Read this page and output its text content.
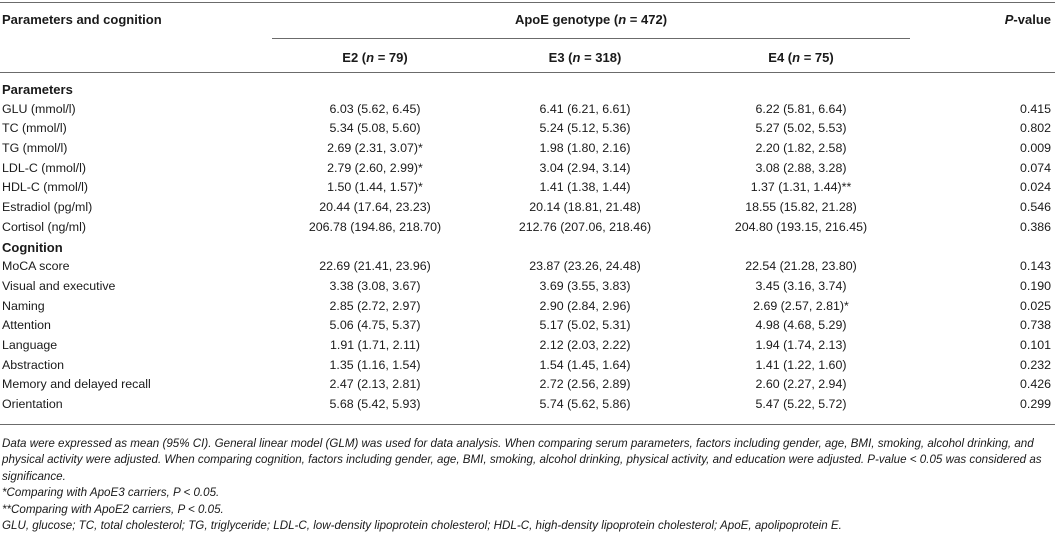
Parameters and cognition	ApoE genotype (n = 472)	P-value
E2 (n = 79)	E3 (n = 318)	E4 (n = 75)
Parameters
GLU (mmol/l)	6.03 (5.62, 6.45)	6.41 (6.21, 6.61)	6.22 (5.81, 6.64)	0.415
TC (mmol/l)	5.34 (5.08, 5.60)	5.24 (5.12, 5.36)	5.27 (5.02, 5.53)	0.802
TG (mmol/l)	2.69 (2.31, 3.07)*	1.98 (1.80, 2.16)	2.20 (1.82, 2.58)	0.009
LDL-C (mmol/l)	2.79 (2.60, 2.99)*	3.04 (2.94, 3.14)	3.08 (2.88, 3.28)	0.074
HDL-C (mmol/l)	1.50 (1.44, 1.57)*	1.41 (1.38, 1.44)	1.37 (1.31, 1.44)**	0.024
Estradiol (pg/ml)	20.44 (17.64, 23.23)	20.14 (18.81, 21.48)	18.55 (15.82, 21.28)	0.546
Cortisol (ng/ml)	206.78 (194.86, 218.70)	212.76 (207.06, 218.46)	204.80 (193.15, 216.45)	0.386
Cognition
MoCA score	22.69 (21.41, 23.96)	23.87 (23.26, 24.48)	22.54 (21.28, 23.80)	0.143
Visual and executive	3.38 (3.08, 3.67)	3.69 (3.55, 3.83)	3.45 (3.16, 3.74)	0.190
Naming	2.85 (2.72, 2.97)	2.90 (2.84, 2.96)	2.69 (2.57, 2.81)*	0.025
Attention	5.06 (4.75, 5.37)	5.17 (5.02, 5.31)	4.98 (4.68, 5.29)	0.738
Language	1.91 (1.71, 2.11)	2.12 (2.03, 2.22)	1.94 (1.74, 2.13)	0.101
Abstraction	1.35 (1.16, 1.54)	1.54 (1.45, 1.64)	1.41 (1.22, 1.60)	0.232
Memory and delayed recall	2.47 (2.13, 2.81)	2.72 (2.56, 2.89)	2.60 (2.27, 2.94)	0.426
Orientation	5.68 (5.42, 5.93)	5.74 (5.62, 5.86)	5.47 (5.22, 5.72)	0.299

Data were expressed as mean (95% CI). General linear model (GLM) was used for data analysis. When comparing serum parameters, factors including gender, age, BMI, smoking, alcohol drinking, and physical activity were adjusted. When comparing cognition, factors including gender, age, BMI, smoking, alcohol drinking, physical activity, and education were adjusted. P-value < 0.05 was considered as significance.

*Comparing with ApoE3 carriers, P < 0.05.

**Comparing with ApoE2 carriers, P < 0.05.

GLU, glucose; TC, total cholesterol; TG, triglyceride; LDL-C, low-density lipoprotein cholesterol; HDL-C, high-density lipoprotein cholesterol; ApoE, apolipoprotein E.
